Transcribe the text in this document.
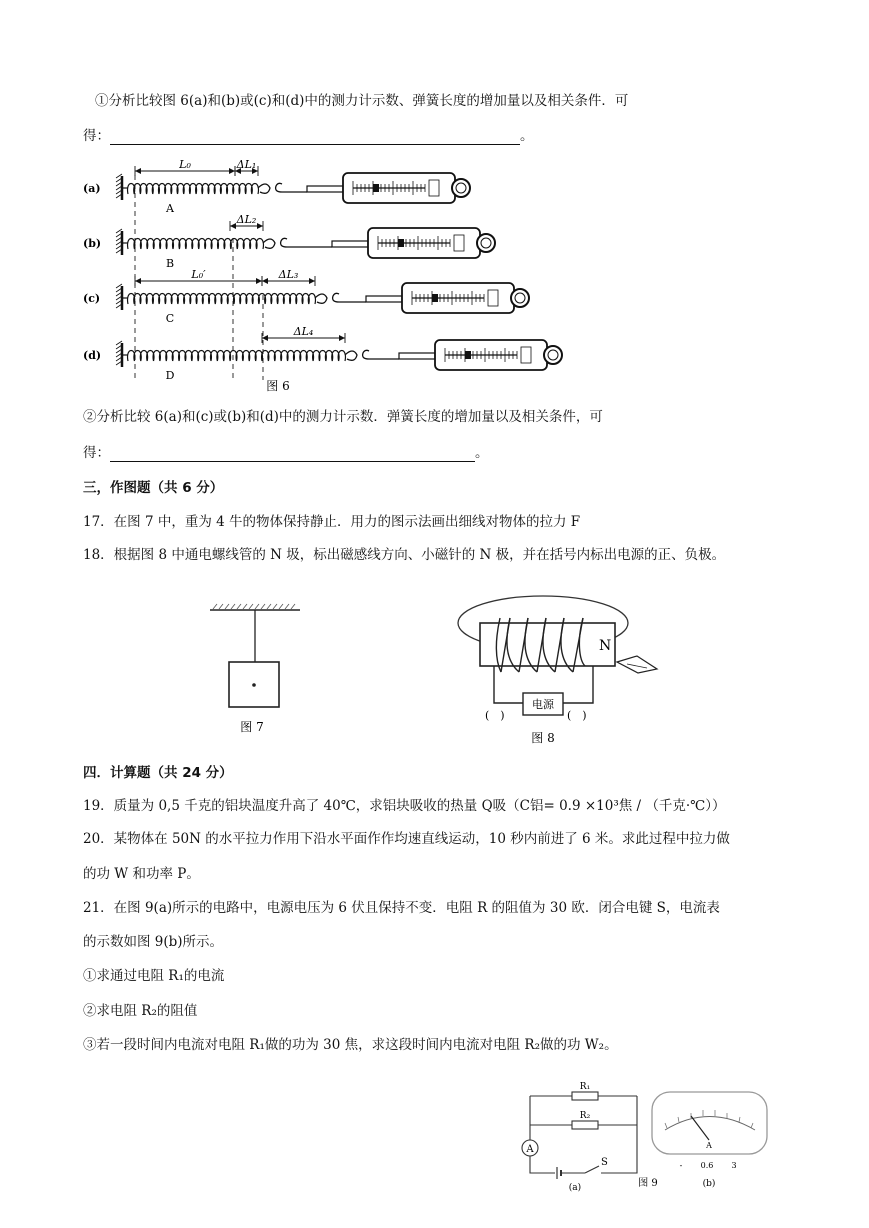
①分析比较图 6(a)和(b)或(c)和(d)中的测力计示数、弹簧长度的增加量以及相关条件．可
得：	。
(a)
L₀	ΔL₁
A
(b)
ΔL₂
B
(c)
L₀′	ΔL₃
C
(d)
ΔL₄
D
图 6
②分析比较 6(a)和(c)或(b)和(d)中的测力计示数．弹簧长度的增加量以及相关条件，可
得：	。
三，作图题（共 6 分）
17．在图 7 中，重为 4 牛的物体保持静止．用力的图示法画出细线对物体的拉力 F
18．根据图 8 中通电螺线管的 N 圾，标出磁感线方向、小磁针的 N 极，并在括号内标出电源的正、负极。
图 7
N
电源
(　)	(　)
图 8
四．计算题（共 24 分）
19．质量为 0,5 千克的铝块温度升高了 40℃，求铝块吸收的热量 Q吸（C铝= 0.9 ×10³焦 / （千克·℃））
20．某物体在 50N 的水平拉力作用下沿水平面作作均速直线运动，10 秒内前进了 6 米。求此过程中拉力做
的功 W 和功率 P。
21．在图 9(a)所示的电路中，电源电压为 6 伏且保持不变．电阻 R 的阻值为 30 欧．闭合电键 S，电流表
的示数如图 9(b)所示。
①求通过电阻 R₁的电流
②求电阻 R₂的阻值
③若一段时间内电流对电阻 R₁做的功为 30 焦，求这段时间内电流对电阻 R₂做的功 W₂。
A
R₁
R₂
S
(a)	图 9
A
- 0.6 3
(b)
